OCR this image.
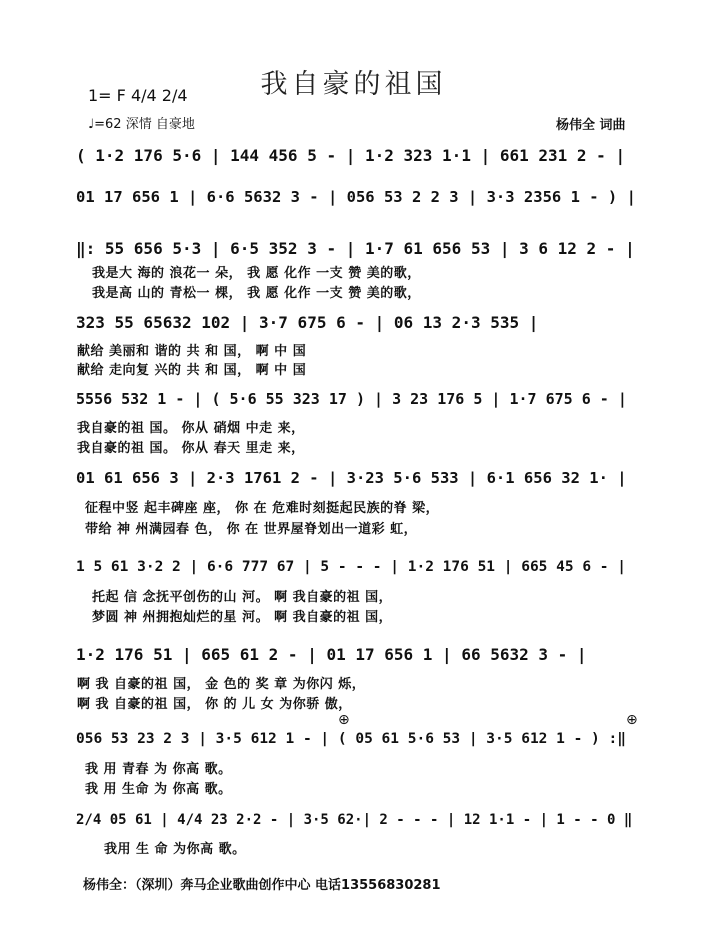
我自豪的祖国
1= F 4/4 2/4
♩=62 深情 自豪地	杨伟全 词曲
( 1·2 176 5·6 | 144 456 5 - | 1·2 323 1·1 | 661 231 2 - |
01 17 656 1 | 6·6 5632 3 - | 056 53 2 2 3 | 3·3 2356 1 - ) |
‖: 55 656 5·3 | 6·5 352 3 - | 1·7 61 656 53 | 3 6 12 2 - |
我是大 海的 浪花一 朵， 我 愿 化作 一支 赞 美的歌，
我是高 山的 青松一 棵， 我 愿 化作 一支 赞 美的歌，
323 55 65632 102 | 3·7 675 6 - | 06 13 2·3 535 |
献给 美丽和 谐的 共 和 国， 啊 中 国
献给 走向复 兴的 共 和 国， 啊 中 国
5556 532 1 - | ( 5·6 55 323 17 ) | 3 23 176 5 | 1·7 675 6 - |
我自豪的祖 国。 你从 硝烟 中走 来，
我自豪的祖 国。 你从 春天 里走 来，
01 61 656 3 | 2·3 1761 2 - | 3·23 5·6 533 | 6·1 656 32 1· |
征程中竖 起丰碑座 座， 你 在 危难时刻挺起民族的脊 梁，
带给 神 州满园春 色， 你 在 世界屋脊划出一道彩 虹，
1 5 61 3·2 2 | 6·6 777 67 | 5 - - - | 1·2 176 51 | 665 45 6 - |
托起 信 念抚平创伤的山 河。 啊 我自豪的祖 国，
梦圆 神 州拥抱灿烂的星 河。 啊 我自豪的祖 国，
1·2 176 51 | 665 61 2 - | 01 17 656 1 | 66 5632 3 - |
啊 我 自豪的祖 国， 金 色的 奖 章 为你闪 烁，
啊 我 自豪的祖 国， 你 的 儿 女 为你骄 傲，
056 53 23 2 3 | 3·5 612 1 - | ( 05 61 5·6 53 | 3·5 612 1 - ) :‖
我 用 青春 为 你高 歌。
我 用 生命 为 你高 歌。
2/4 05 61 | 4/4 23 2·2 - | 3·5 62·| 2 - - - | 12 1·1 - | 1 - - 0 ‖
我用 生 命 为你高 歌。
⊕	⊕
杨伟全：（深圳）奔马企业歌曲创作中心 电话13556830281
